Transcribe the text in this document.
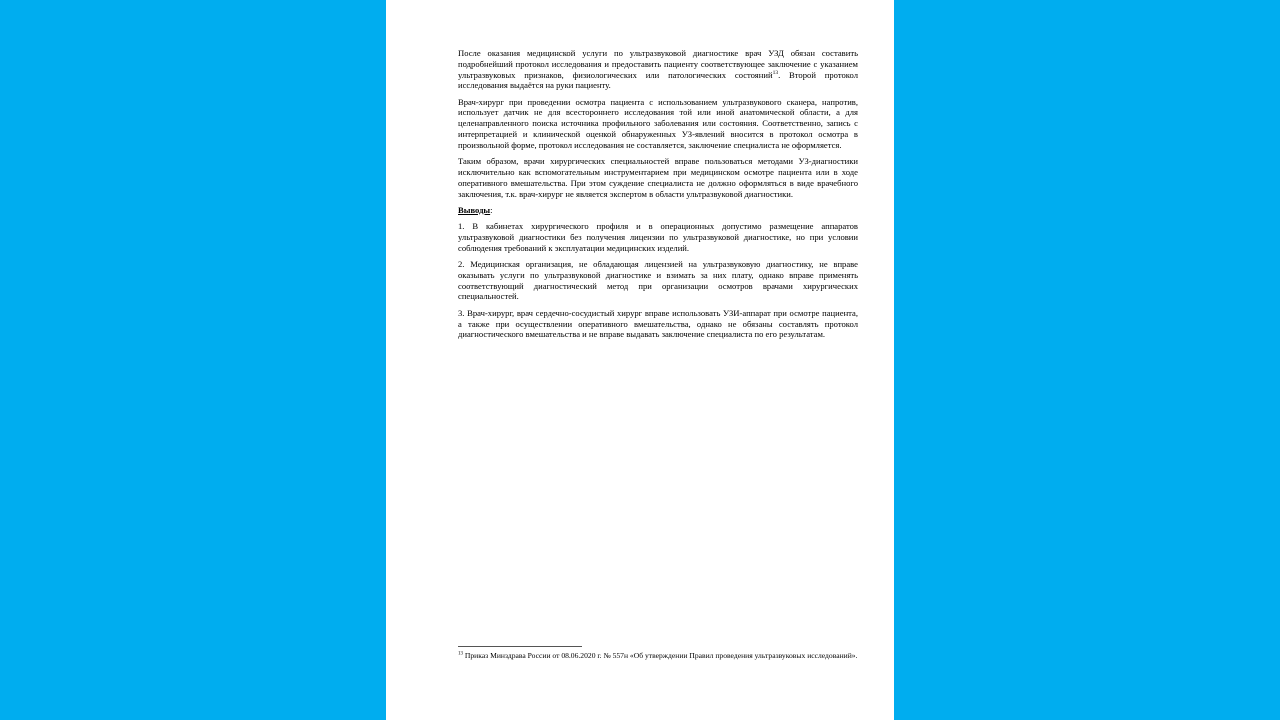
После оказания медицинской услуги по ультразвуковой диагностике врач УЗД обязан составить подробнейший протокол исследования и предоставить пациенту соответствующее заключение с указанием ультразвуковых признаков, физиологических или патологических состояний$^{13}$. Второй протокол исследования выдаётся на руки пациенту.

Врач-хирург при проведении осмотра пациента с использованием ультразвукового сканера, напротив, использует датчик не для всестороннего исследования той или иной анатомической области, а для целенаправленного поиска источника профильного заболевания или состояния. Соответственно, запись с интерпретацией и клинической оценкой обнаруженных УЗ-явлений вносится в протокол осмотра в произвольной форме, протокол исследования не составляется, заключение специалиста не оформляется.

Таким образом, врачи хирургических специальностей вправе пользоваться методами УЗ-диагностики исключительно как вспомогательным инструментарием при медицинском осмотре пациента или в ходе оперативного вмешательства. При этом суждение специалиста не должно оформляться в виде врачебного заключения, т.к. врач-хирург не является экспертом в области ультразвуковой диагностики.

Выводы:

1. В кабинетах хирургического профиля и в операционных допустимо размещение аппаратов ультразвуковой диагностики без получения лицензии по ультразвуковой диагностике, но при условии соблюдения требований к эксплуатации медицинских изделий.

2. Медицинская организация, не обладающая лицензией на ультразвуковую диагностику, не вправе оказывать услуги по ультразвуковой диагностике и взимать за них плату, однако вправе применять соответствующий диагностический метод при организации осмотров врачами хирургических специальностей.

3. Врач-хирург, врач сердечно-сосудистый хирург вправе использовать УЗИ-аппарат при осмотре пациента, а также при осуществлении оперативного вмешательства, однако не обязаны составлять протокол диагностического вмешательства и не вправе выдавать заключение специалиста по его результатам.

$^{13}$ Приказ Минздрава России от 08.06.2020 г. № 557н «Об утверждении Правил проведения ультразвуковых исследований».
